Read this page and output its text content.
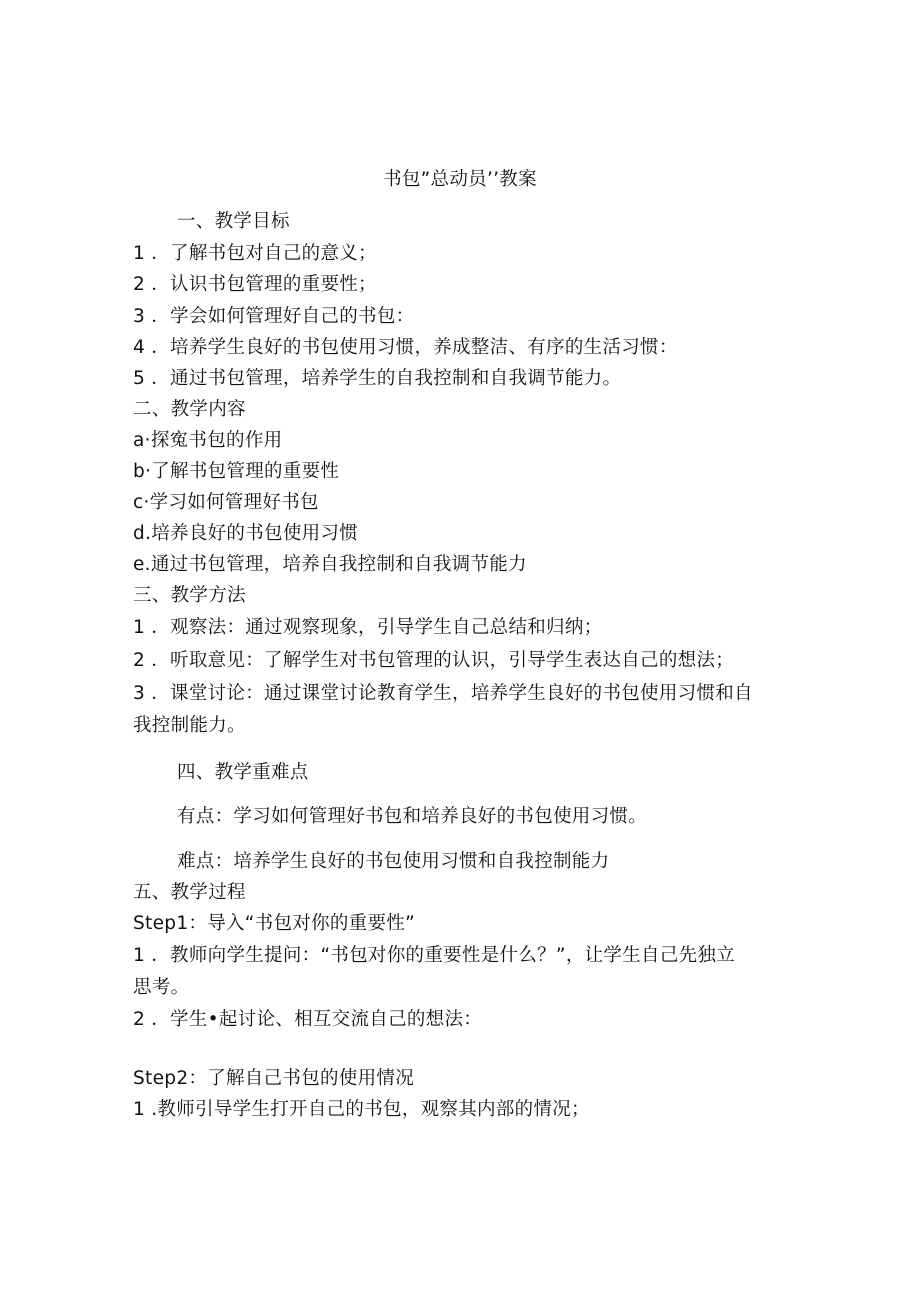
书包”总动员’’教案
一、教学目标
1 ．了解书包对自己的意义；
2 ．认识书包管理的重要性；
3 ．学会如何管理好自己的书包：
4 ．培养学生良好的书包使用习惯，养成整洁、有序的生活习惯：
5 ．通过书包管理，培养学生的自我控制和自我调节能力。
二、教学内容
a·探寃书包的作用
b·了解书包管理的重要性
c·学习如何管理好书包
d.培养良好的书包使用习惯
e.通过书包管理，培养自我控制和自我调节能力
三、教学方法
1 ．观察法：通过观察现象，引导学生自己总结和归纳；
2 ．听取意见：了解学生对书包管理的认识，引导学生表达自己的想法；
3 ．课堂讨论：通过课堂讨论教育学生，培养学生良好的书包使用习惯和自
我控制能力。
四、教学重难点
有点：学习如何管理好书包和培养良好的书包使用习惯。
难点：培养学生良好的书包使用习惯和自我控制能力
五、教学过程
Step1：导入“书包对你的重要性”
1 ．教师向学生提问：“书包对你的重要性是什么？”，让学生自己先独立
思考。
2 ．学生•起讨论、相互交流自己的想法：
Step2：了解自己书包的使用情况
1 .教师引导学生打开自己的书包，观察其内部的情况；
